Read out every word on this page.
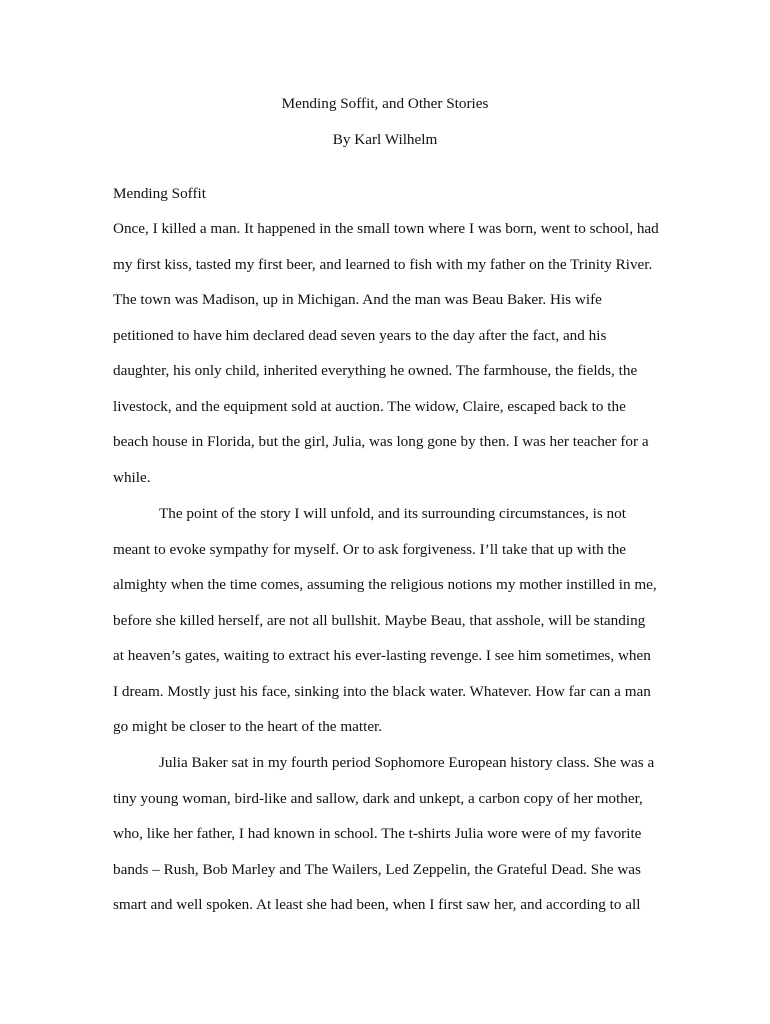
Mending Soffit, and Other Stories
By Karl Wilhelm
Mending Soffit
Once, I killed a man. It happened in the small town where I was born, went to school, had
my first kiss, tasted my first beer, and learned to fish with my father on the Trinity River.
The town was Madison, up in Michigan. And the man was Beau Baker. His wife
petitioned to have him declared dead seven years to the day after the fact, and his
daughter, his only child, inherited everything he owned. The farmhouse, the fields, the
livestock, and the equipment sold at auction. The widow, Claire, escaped back to the
beach house in Florida, but the girl, Julia, was long gone by then. I was her teacher for a
while.
The point of the story I will unfold, and its surrounding circumstances, is not
meant to evoke sympathy for myself. Or to ask forgiveness. I’ll take that up with the
almighty when the time comes, assuming the religious notions my mother instilled in me,
before she killed herself, are not all bullshit. Maybe Beau, that asshole, will be standing
at heaven’s gates, waiting to extract his ever-lasting revenge. I see him sometimes, when
I dream. Mostly just his face, sinking into the black water. Whatever. How far can a man
go might be closer to the heart of the matter.
Julia Baker sat in my fourth period Sophomore European history class. She was a
tiny young woman, bird-like and sallow, dark and unkept, a carbon copy of her mother,
who, like her father, I had known in school. The t-shirts Julia wore were of my favorite
bands – Rush, Bob Marley and The Wailers, Led Zeppelin, the Grateful Dead. She was
smart and well spoken. At least she had been, when I first saw her, and according to all
